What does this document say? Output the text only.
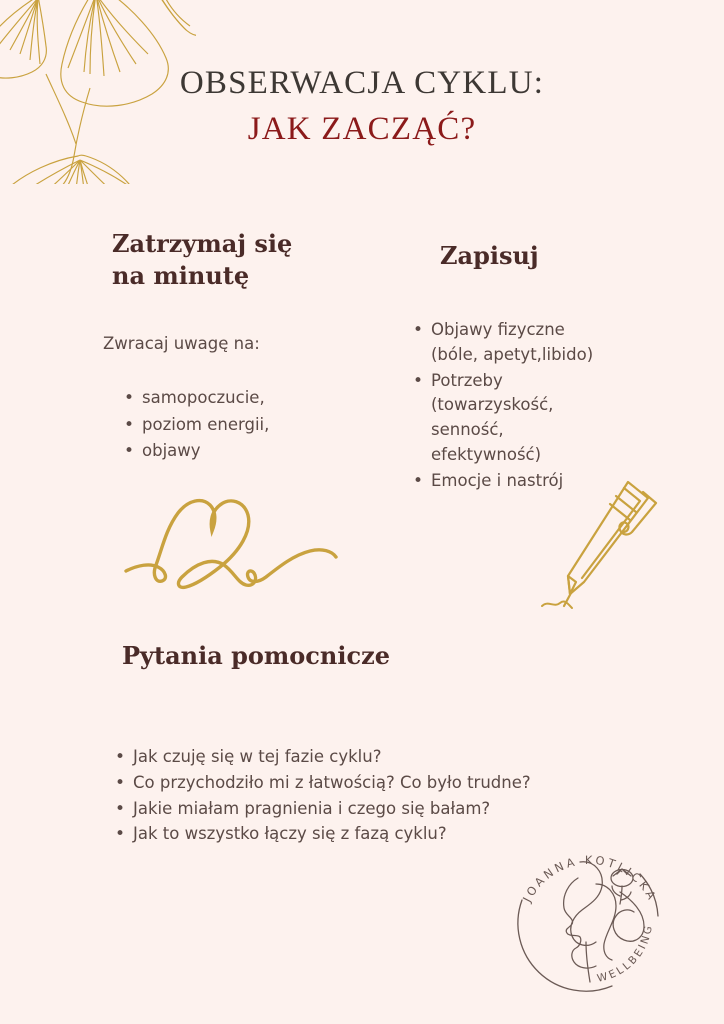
OBSERWACJA CYKLU:
JAK ZACZĄĆ?
Zatrzymaj się
na minutę
Zwracaj uwagę na:
• samopoczucie,
• poziom energii,
• objawy
Zapisuj
• Objawy fizyczne (bóle, apetyt,libido)
• Potrzeby (towarzyskość, senność, efektywność)
• Emocje i nastrój
Pytania pomocnicze
• Jak czuję się w tej fazie cyklu?
• Co przychodziło mi z łatwością? Co było trudne?
• Jakie miałam pragnienia i czego się bałam?
• Jak to wszystko łączy się z fazą cyklu?
JOANNA KOTLICKA
WELLBEING
